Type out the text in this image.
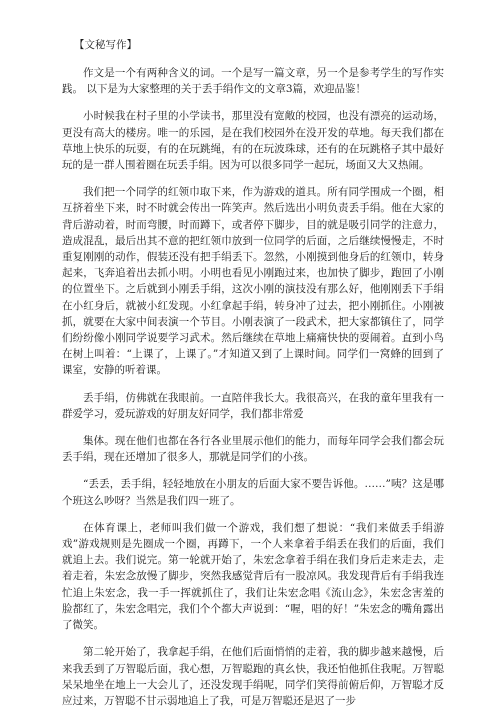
【文秘写作】

作文是一个有两种含义的词。一个是写一篇文章，另一个是参考学生的写作实践。 以下是为大家整理的关于丢手绢作文的文章3篇，欢迎品鉴！

小时候我在村子里的小学读书，那里没有宽敞的校园，也没有漂亮的运动场，更没有高大的楼房。唯一的乐园，是在我们校园外在没开发的草地。每天我们都在草地上快乐的玩耍，有的在玩跳绳，有的在玩波珠球，还有的在玩跳格子其中最好玩的是一群人围着圈在玩丢手绢。因为可以很多同学一起玩，场面又大又热闹。

我们把一个同学的红领巾取下来，作为游戏的道具。所有同学围成一个圈，相互挤着坐下来，时不时就会传出一阵笑声。然后选出小明负责丢手绢。他在大家的背后游动着，时而弯腰，时而蹲下，或者停下脚步，目的就是吸引同学的注意力，造成混乱，最后出其不意的把红领巾放到一位同学的后面，之后继续慢慢走，不时重复刚刚的动作，假装还没有把手绢丢下。忽然，小刚摸到他身后的红领巾，转身起来，飞奔追着出去抓小明。小明也看见小刚跑过来，也加快了脚步，跑回了小刚的位置坐下。之后就到小刚丢手绢，这次小刚的演技没有那么好，他刚刚丢下手绢在小红身后，就被小红发现。小红拿起手绢，转身冲了过去，把小刚抓住。小刚被抓，就要在大家中间表演一个节目。小刚表演了一段武术，把大家都镇住了，同学们纷纷像小刚同学说要学习武术。然后继续在草地上痛痛快快的耍闹着。直到小鸟在树上叫着：“上课了，上课了。”才知道又到了上课时间。同学们一窝蜂的回到了课室，安静的听着课。

丢手绢，仿佛就在我眼前。一直陪伴我长大。我很高兴，在我的童年里我有一群爱学习，爱玩游戏的好朋友好同学，我们都非常爱

集体。现在他们也都在各行各业里展示他们的能力，而每年同学会我们都会玩丢手绢，现在还增加了很多人，那就是同学们的小孩。

“丢丢，丢手绢，轻轻地放在小朋友的后面大家不要告诉他。……”咦？这是哪个班这么吵呀？当然是我们四一班了。

在体育课上，老师叫我们做一个游戏，我们想了想说：“我们来做丢手绢游戏”游戏规则是先圈成一个圈，再蹲下，一个人来拿着手绢丢在我们的后面，我们就追上去。我们说完。第一轮就开始了，朱宏念拿着手绢在我们身后走来走去，走着走着，朱宏念放慢了脚步，突然我感觉背后有一股凉风。我发现背后有手绢我连忙追上朱宏念，我一手一挥就抓住了，我们让朱宏念唱《流山念》，朱宏念害羞的脸都红了，朱宏念唱完，我们个个都大声说到：“喔，唱的好！”朱宏念的嘴角露出了微笑。

第二轮开始了，我拿起手绢，在他们后面悄悄的走着，我的脚步越来越慢，后来我丢到了万智聪后面，我心想，万智聪跑的真幺快，我还怕他抓住我呢。万智聪呆呆地坐在地上一大会儿了，还没发现手绢呢，同学们笑得前俯后仰，万智聪才反应过来，万智聪不甘示弱地追上了我，可是万智聪还是迟了一步
